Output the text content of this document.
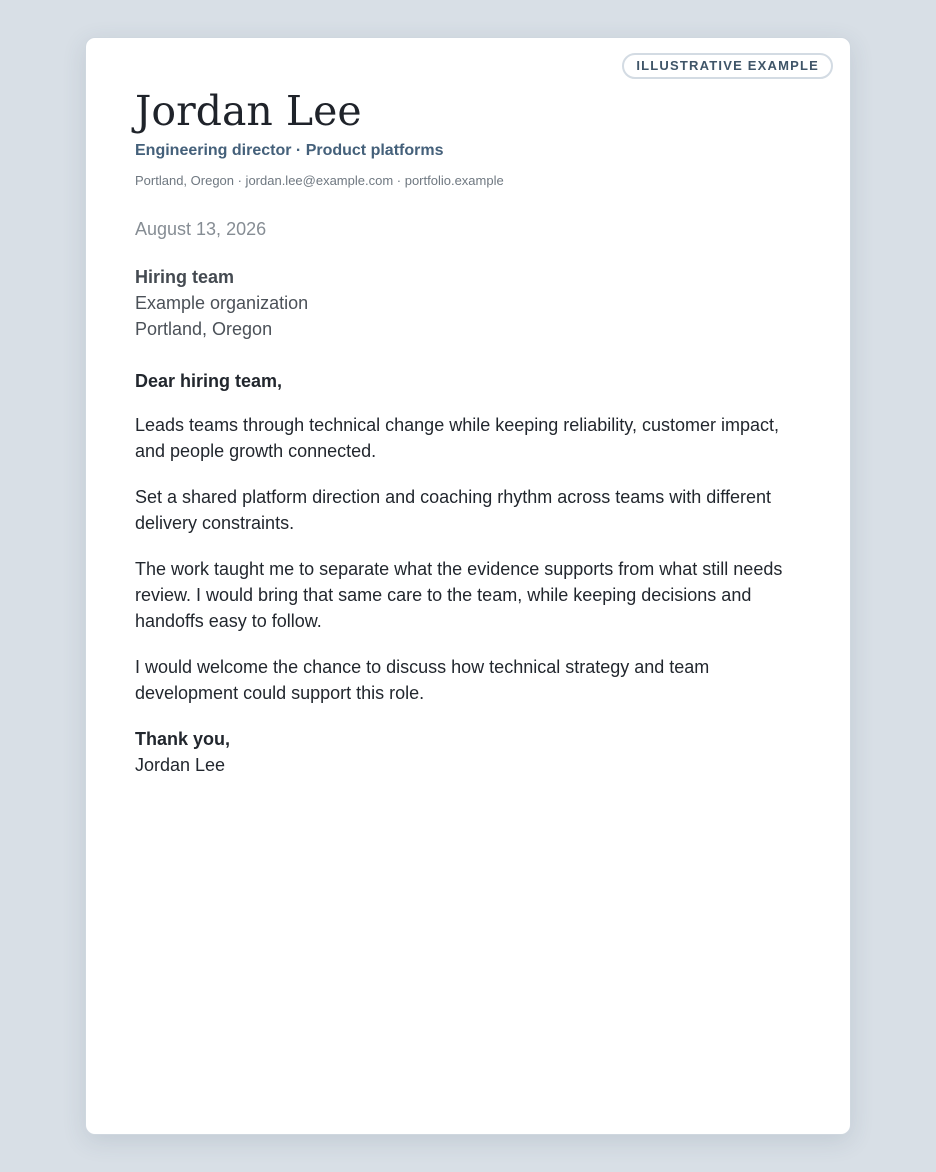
ILLUSTRATIVE EXAMPLE
Jordan Lee
Engineering director · Product platforms
Portland, Oregon · jordan.lee@example.com · portfolio.example
August 13, 2026
Hiring team
Example organization
Portland, Oregon

Dear hiring team,

Leads teams through technical change while keeping reliability, customer impact, and people growth connected.

Set a shared platform direction and coaching rhythm across teams with different delivery constraints.

The work taught me to separate what the evidence supports from what still needs review. I would bring that same care to the team, while keeping decisions and handoffs easy to follow.

I would welcome the chance to discuss how technical strategy and team development could support this role.

Thank you,

Jordan Lee
